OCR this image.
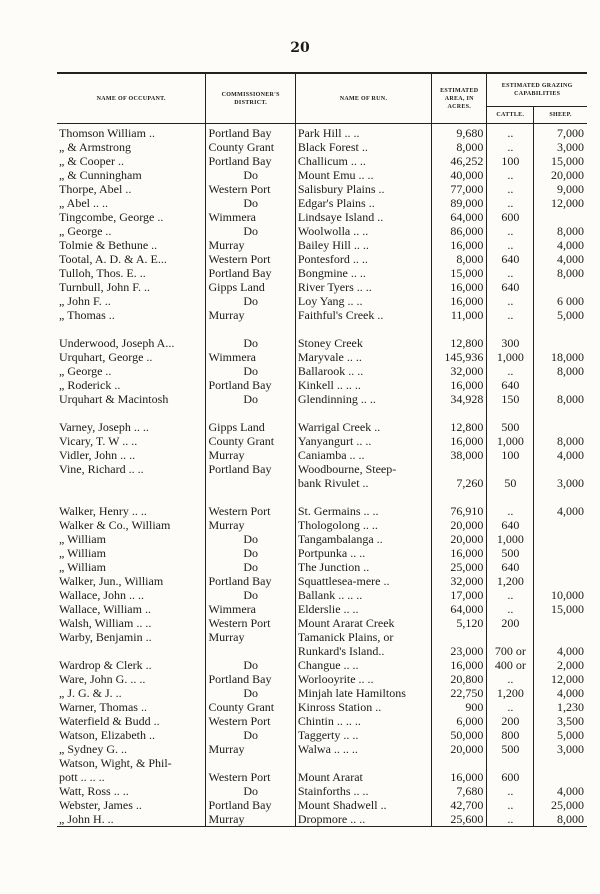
20
NAME OF OCCUPANT.	COMMISSIONER'S DISTRICT.	NAME OF RUN.	ESTIMATED AREA, IN ACRES.	ESTIMATED GRAZING CAPABILITIES	
				CATTLE.	SHEEP.
Thomson William ..	Portland Bay	Park Hill .. ..	9,680	..	7,000
„ & Armstrong	County Grant	Black Forest ..	8,000	..	3,000
„ & Cooper ..	Portland Bay	Challicum .. ..	46,252	100	15,000
„ & Cunningham	Do	Mount Emu .. ..	40,000	..	20,000
Thorpe, Abel ..	Western Port	Salisbury Plains ..	77,000	..	9,000
„ Abel .. ..	Do	Edgar's Plains ..	89,000	..	12,000
Tingcombe, George ..	Wimmera	Lindsaye Island ..	64,000	600	
„ George ..	Do	Woolwolla .. ..	86,000	..	8,000
Tolmie & Bethune ..	Murray	Bailey Hill .. ..	16,000	..	4,000
Tootal, A. D. & A. E...	Western Port	Pontesford .. ..	8,000	640	4,000
Tulloh, Thos. E. ..	Portland Bay	Bongmine .. ..	15,000	..	8,000
Turnbull, John F. ..	Gipps Land	River Tyers .. ..	16,000	640	
„ John F. ..	Do	Loy Yang .. ..	16,000	..	6 000
„ Thomas ..	Murray	Faithful's Creek ..	11,000	..	5,000

Underwood, Joseph A...	Do	Stoney Creek	12,800	300	
Urquhart, George ..	Wimmera	Maryvale .. ..	145,936	1,000	18,000
„ George ..	Do	Ballarook .. ..	32,000	..	8,000
„ Roderick ..	Portland Bay	Kinkell .. .. ..	16,000	640	
Urquhart & Macintosh	Do	Glendinning .. ..	34,928	150	8,000

Varney, Joseph .. ..	Gipps Land	Warrigal Creek ..	12,800	500	
Vicary, T. W .. ..	County Grant	Yanyangurt .. ..	16,000	1,000	8,000
Vidler, John .. ..	Murray	Caniamba .. ..	38,000	100	4,000
Vine, Richard .. ..	Portland Bay	Woodbourne, Steep-			
		bank Rivulet ..	7,260	50	3,000

Walker, Henry .. ..	Western Port	St. Germains .. ..	76,910	..	4,000
Walker & Co., William	Murray	Thologolong .. ..	20,000	640	
„ William	Do	Tangambalanga ..	20,000	1,000	
„ William	Do	Portpunka .. ..	16,000	500	
„ William	Do	The Junction ..	25,000	640	
Walker, Jun., William	Portland Bay	Squattlesea-mere ..	32,000	1,200	
Wallace, John .. ..	Do	Ballank .. .. ..	17,000	..	10,000
Wallace, William ..	Wimmera	Elderslie .. ..	64,000	..	15,000
Walsh, William .. ..	Western Port	Mount Ararat Creek	5,120	200	
Warby, Benjamin ..	Murray	Tamanick Plains, or			
		Runkard's Island..	23,000	700 or	4,000
Wardrop & Clerk ..	Do	Changue .. ..	16,000	400 or	2,000
Ware, John G. .. ..	Portland Bay	Worlooyrite .. ..	20,800	..	12,000
„ J. G. & J. ..	Do	Minjah late Hamiltons	22,750	1,200	4,000
Warner, Thomas ..	County Grant	Kinross Station ..	900	..	1,230
Waterfield & Budd ..	Western Port	Chintin .. .. ..	6,000	200	3,500
Watson, Elizabeth ..	Do	Taggerty .. ..	50,000	800	5,000
„ Sydney G. ..	Murray	Walwa .. .. ..	20,000	500	3,000
Watson, Wight, & Phil-					
pott .. .. ..	Western Port	Mount Ararat	16,000	600	
Watt, Ross .. ..	Do	Stainforths .. ..	7,680	..	4,000
Webster, James ..	Portland Bay	Mount Shadwell ..	42,700	..	25,000
„ John H. ..	Murray	Dropmore .. ..	25,600	..	8,000
